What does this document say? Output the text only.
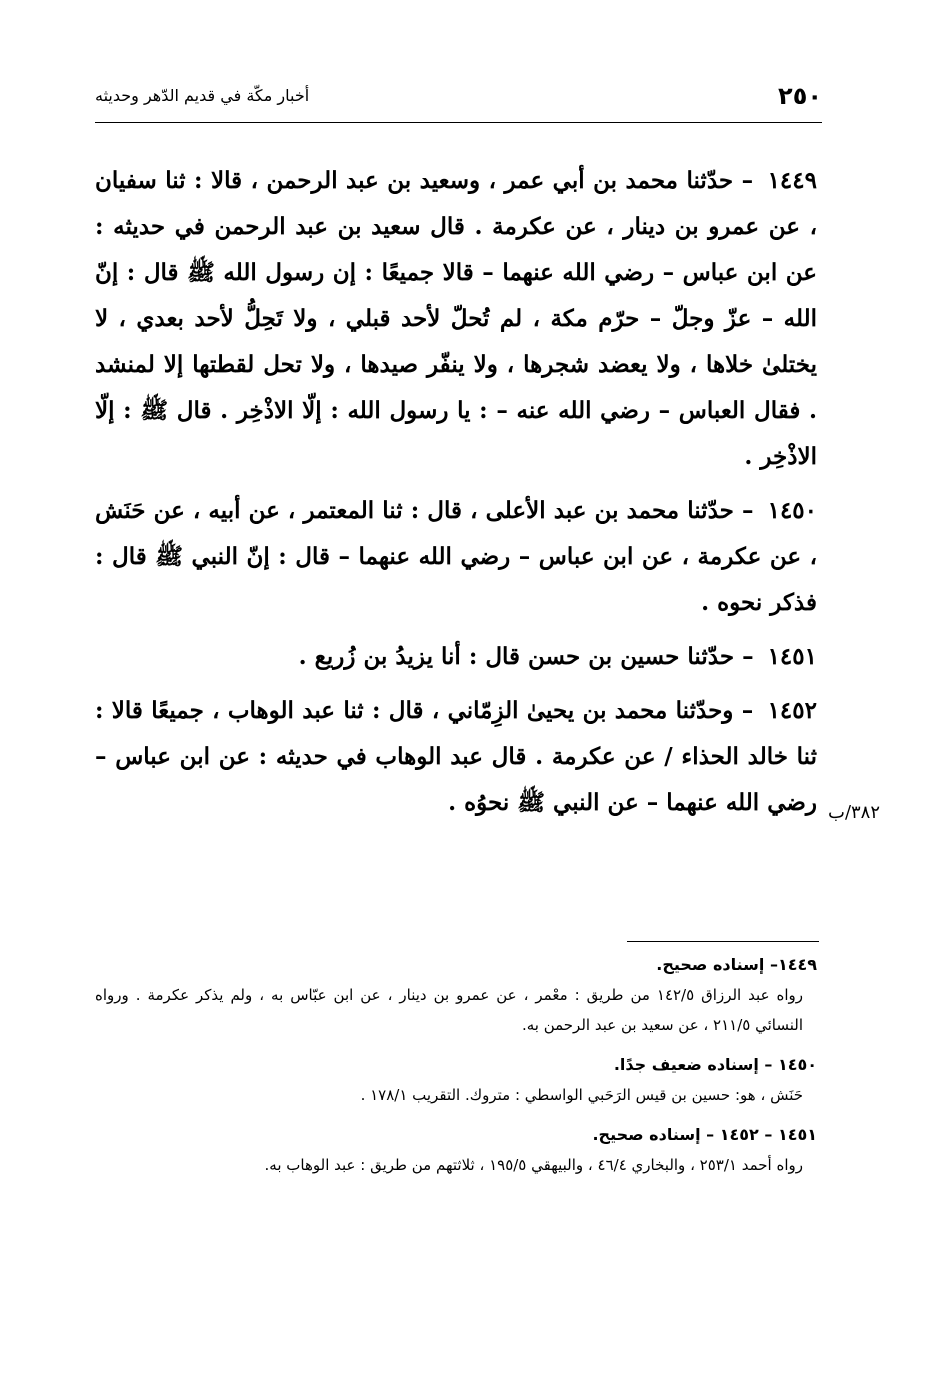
٢٥٠
أخبار مكّة في قديم الدّهر وحديثه

١٤٤٩ – حدّثنا محمد بن أبي عمر ، وسعيد بن عبد الرحمن ، قالا : ثنا سفيان ، عن عمرو بن دينار ، عن عكرمة . قال سعيد بن عبد الرحمن في حديثه : عن ابن عباس – رضي الله عنهما – قالا جميعًا : إن رسول الله ﷺ قال : إنّ الله – عزّ وجلّ – حرّم مكة ، لم تُحلّ لأحد قبلي ، ولا تَحِلُّ لأحد بعدي ، لا يختلىٰ خلاها ، ولا يعضد شجرها ، ولا ينفّر صيدها ، ولا تحل لقطتها إلا لمنشد . فقال العباس – رضي الله عنه – : يا رسول الله : إلّا الاذْخِر . قال ﷺ : إلّا الاذْخِر .

١٤٥٠ – حدّثنا محمد بن عبد الأعلى ، قال : ثنا المعتمر ، عن أبيه ، عن حَنَش ، عن عكرمة ، عن ابن عباس – رضي الله عنهما – قال : إنّ النبي ﷺ قال : فذكر نحوه .

١٤٥١ – حدّثنا حسين بن حسن قال : أنا يزيدُ بن زُريع .

١٤٥٢ – وحدّثنا محمد بن يحيىٰ الزِمّاني ، قال : ثنا عبد الوهاب ، جميعًا قالا : ثنا خالد الحذاء / عن عكرمة . قال عبد الوهاب في حديثه : عن ابن عباس – رضي الله عنهما – عن النبي ﷺ نحوُه . ٣٨٢/ب
١٤٤٩– إسناده صحيح.
رواه عبد الرزاق ١٤٢/٥ من طريق : معْمر ، عن عمرو بن دينار ، عن ابن عبّاس به ، ولم يذكر عكرمة . ورواه النسائي ٢١١/٥ ، عن سعيد بن عبد الرحمن به.
١٤٥٠ – إسناده ضعيف جدًا.
حَنَش ، هو: حسين بن قيس الرَحَبي الواسطي : متروك. التقريب ١٧٨/١ .
١٤٥١ – ١٤٥٢ – إسناده صحيح.
رواه أحمد ٢٥٣/١ ، والبخاري ٤٦/٤ ، والبيهقي ١٩٥/٥ ، ثلاثتهم من طريق : عبد الوهاب به.
